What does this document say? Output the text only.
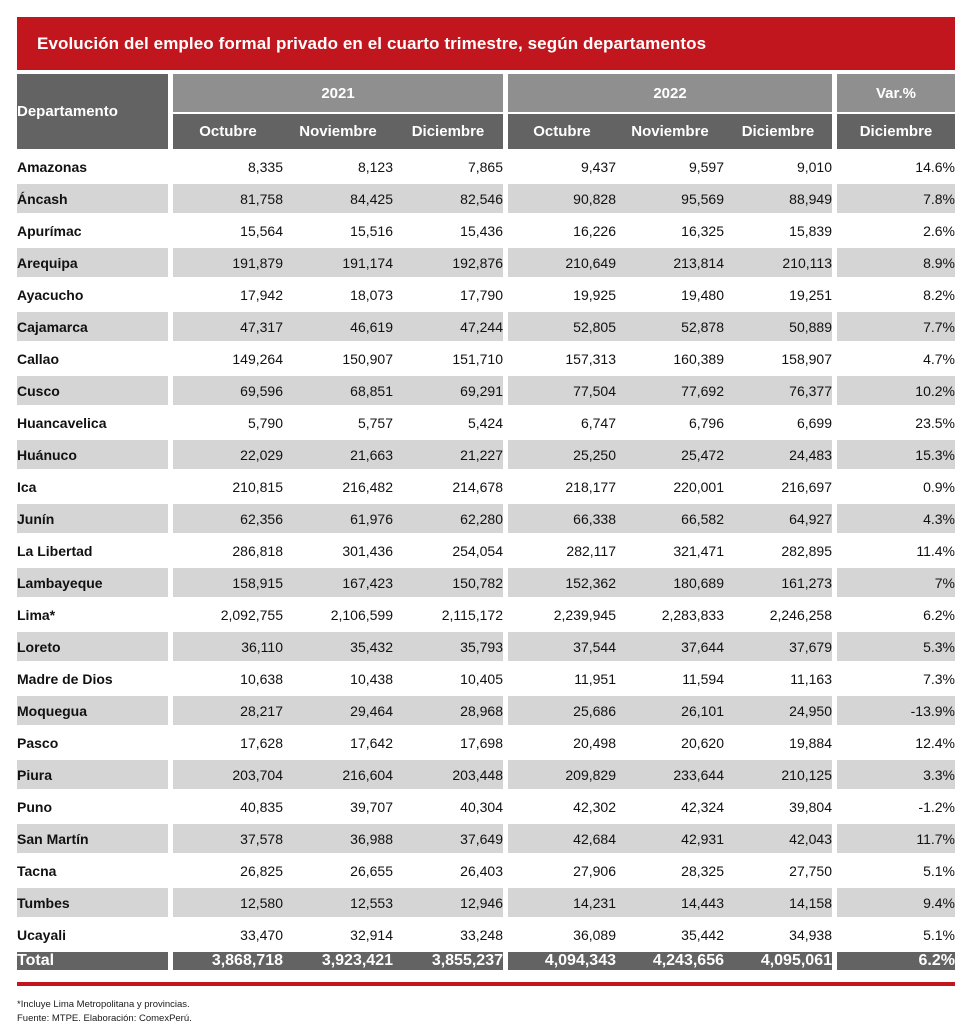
Evolución del empleo formal privado en el cuarto trimestre, según departamentos
Departamento		2021				2022				Var.%
		Octubre	Noviembre	Diciembre		Octubre	Noviembre	Diciembre		Diciembre
Amazonas		8,335	8,123	7,865		9,437	9,597	9,010		14.6%
Áncash		81,758	84,425	82,546		90,828	95,569	88,949		7.8%
Apurímac		15,564	15,516	15,436		16,226	16,325	15,839		2.6%
Arequipa		191,879	191,174	192,876		210,649	213,814	210,113		8.9%
Ayacucho		17,942	18,073	17,790		19,925	19,480	19,251		8.2%
Cajamarca		47,317	46,619	47,244		52,805	52,878	50,889		7.7%
Callao		149,264	150,907	151,710		157,313	160,389	158,907		4.7%
Cusco		69,596	68,851	69,291		77,504	77,692	76,377		10.2%
Huancavelica		5,790	5,757	5,424		6,747	6,796	6,699		23.5%
Huánuco		22,029	21,663	21,227		25,250	25,472	24,483		15.3%
Ica		210,815	216,482	214,678		218,177	220,001	216,697		0.9%
Junín		62,356	61,976	62,280		66,338	66,582	64,927		4.3%
La Libertad		286,818	301,436	254,054		282,117	321,471	282,895		11.4%
Lambayeque		158,915	167,423	150,782		152,362	180,689	161,273		7%
Lima*		2,092,755	2,106,599	2,115,172		2,239,945	2,283,833	2,246,258		6.2%
Loreto		36,110	35,432	35,793		37,544	37,644	37,679		5.3%
Madre de Dios		10,638	10,438	10,405		11,951	11,594	11,163		7.3%
Moquegua		28,217	29,464	28,968		25,686	26,101	24,950		-13.9%
Pasco		17,628	17,642	17,698		20,498	20,620	19,884		12.4%
Piura		203,704	216,604	203,448		209,829	233,644	210,125		3.3%
Puno		40,835	39,707	40,304		42,302	42,324	39,804		-1.2%
San Martín		37,578	36,988	37,649		42,684	42,931	42,043		11.7%
Tacna		26,825	26,655	26,403		27,906	28,325	27,750		5.1%
Tumbes		12,580	12,553	12,946		14,231	14,443	14,158		9.4%
Ucayali		33,470	32,914	33,248		36,089	35,442	34,938		5.1%
Total		3,868,718	3,923,421	3,855,237		4,094,343	4,243,656	4,095,061		6.2%
*Incluye Lima Metropolitana y provincias.
Fuente: MTPE. Elaboración: ComexPerú.
